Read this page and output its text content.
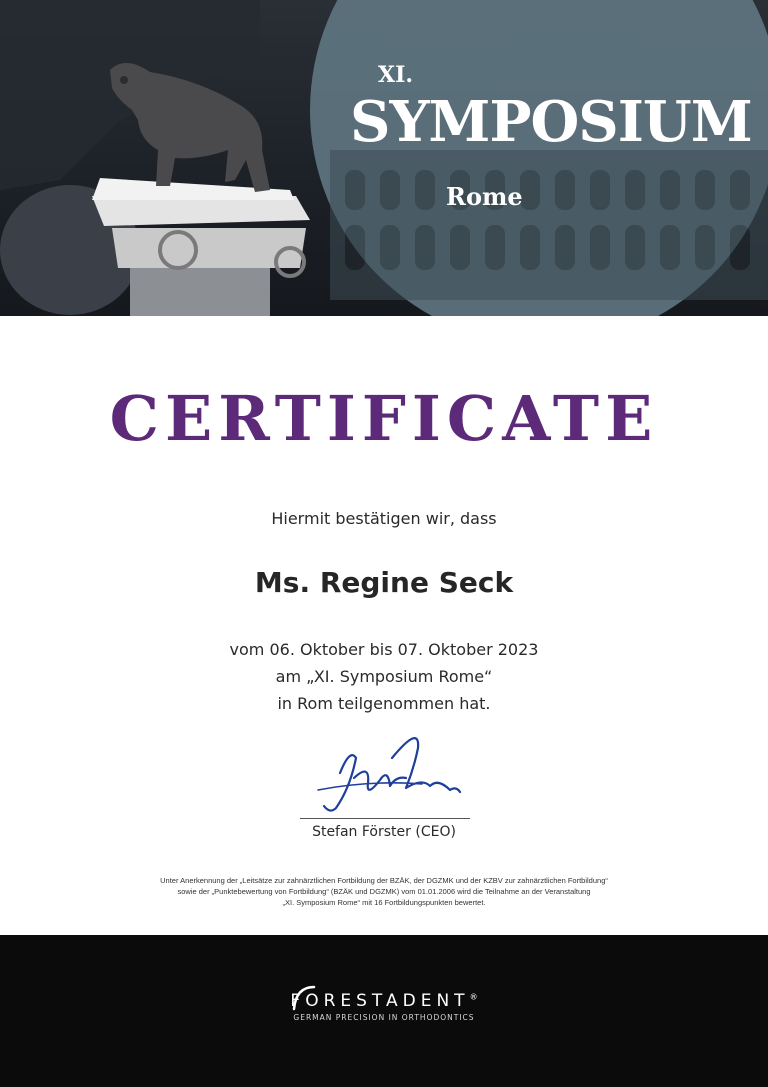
XI.
SYMPOSIUM
Rome
CERTIFICATE

Hiermit bestätigen wir, dass

Ms. Regine Seck

vom 06. Oktober bis 07. Oktober 2023

am „XI. Symposium Rome“

in Rom teilgenommen hat.

Stefan Förster (CEO)

Unter Anerkennung der „Leitsätze zur zahnärztlichen Fortbildung der BZÄK, der DGZMK und der KZBV zur zahnärztlichen Fortbildung“
sowie der „Punktebewertung von Fortbildung“ (BZÄK und DGZMK) vom 01.01.2006 wird die Teilnahme an der Veranstaltung
„XI. Symposium Rome“ mit 16 Fortbildungspunkten bewertet.
FORESTADENT®
GERMAN PRECISION IN ORTHODONTICS
